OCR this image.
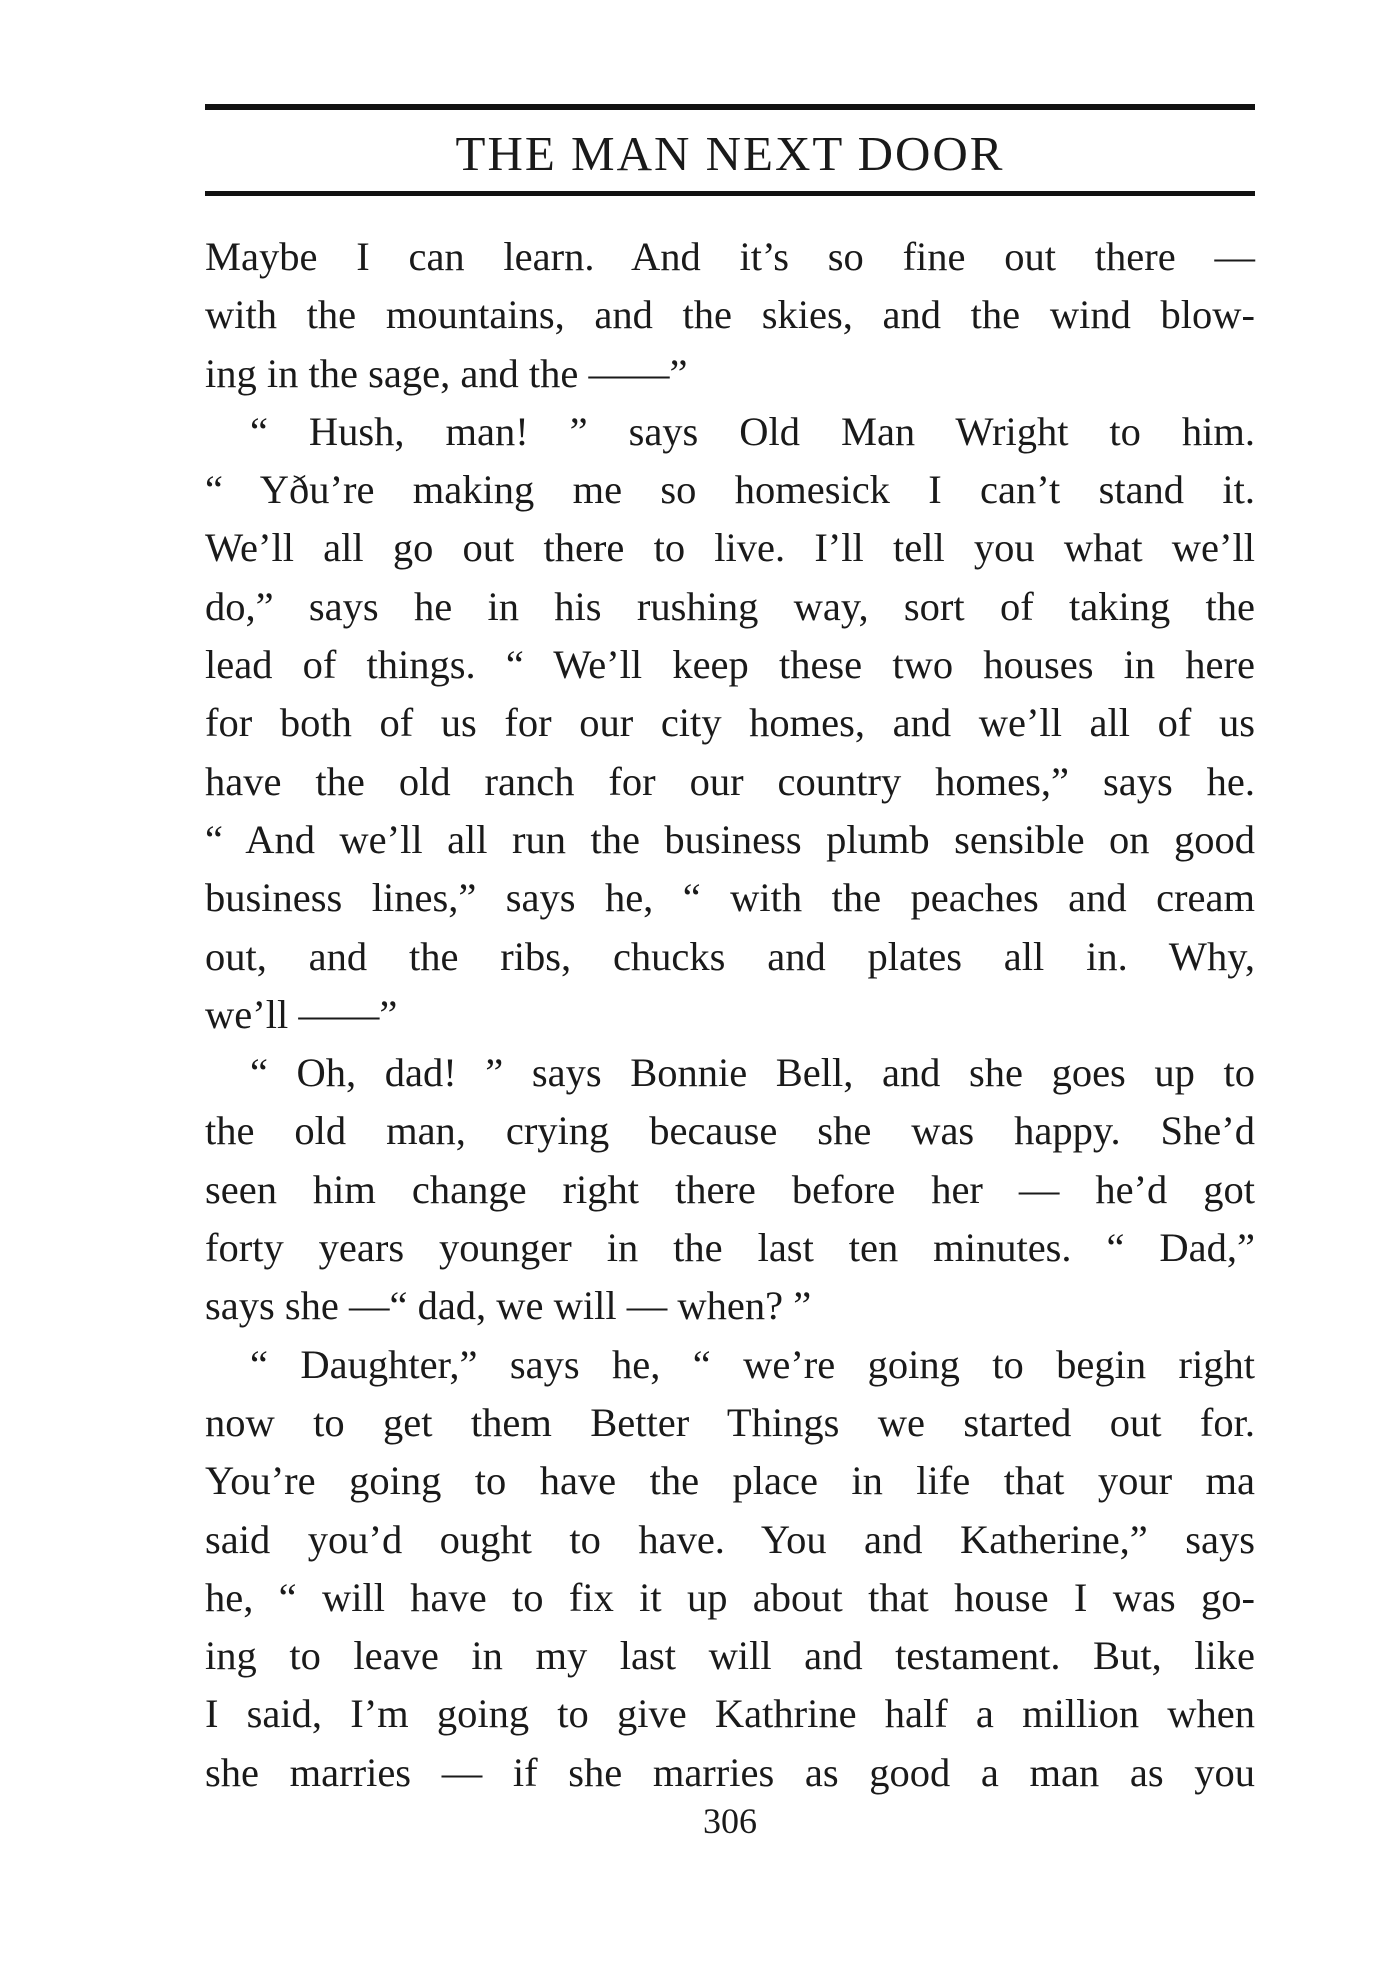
THE MAN NEXT DOOR
Maybe I can learn. And it’s so fine out there —
with the mountains, and the skies, and the wind blow-
ing in the sage, and the ——”
“ Hush, man! ” says Old Man Wright to him.
“ Yðu’re making me so homesick I can’t stand it.
We’ll all go out there to live. I’ll tell you what we’ll
do,” says he in his rushing way, sort of taking the
lead of things. “ We’ll keep these two houses in here
for both of us for our city homes, and we’ll all of us
have the old ranch for our country homes,” says he.
“ And we’ll all run the business plumb sensible on good
business lines,” says he, “ with the peaches and cream
out, and the ribs, chucks and plates all in. Why,
we’ll ——”
“ Oh, dad! ” says Bonnie Bell, and she goes up to
the old man, crying because she was happy. She’d
seen him change right there before her — he’d got
forty years younger in the last ten minutes. “ Dad,”
says she —“ dad, we will — when? ”
“ Daughter,” says he, “ we’re going to begin right
now to get them Better Things we started out for.
You’re going to have the place in life that your ma
said you’d ought to have. You and Katherine,” says
he, “ will have to fix it up about that house I was go-
ing to leave in my last will and testament. But, like
I said, I’m going to give Kathrine half a million when
she marries — if she marries as good a man as you
306
